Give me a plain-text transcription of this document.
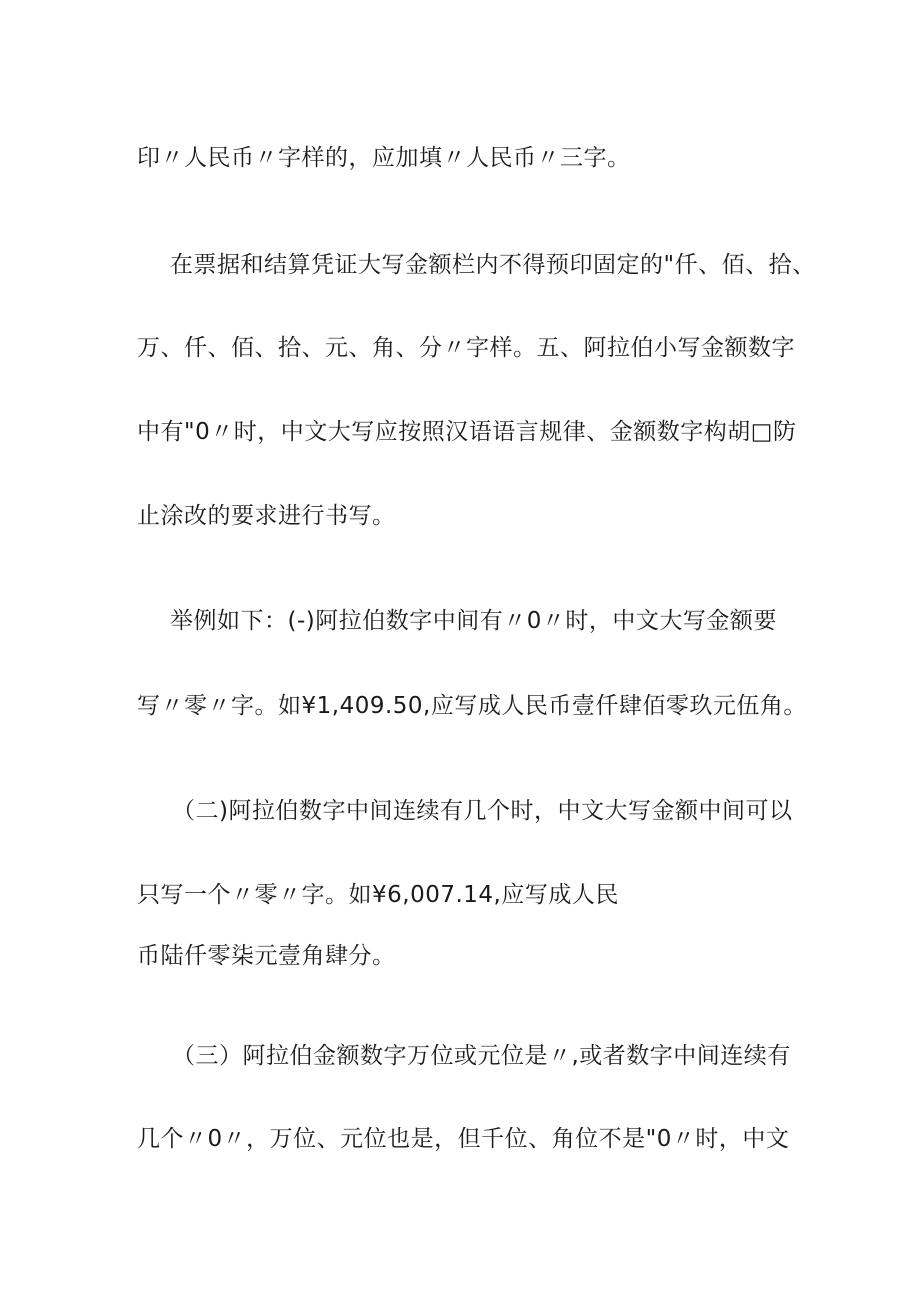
印〃人民币〃字样的，应加填〃人民币〃三字。
在票据和结算凭证大写金额栏内不得预印固定的"仟、佰、拾、
万、仟、佰、拾、元、角、分〃字样。五、阿拉伯小写金额数字
中有"0〃时，中文大写应按照汉语语言规律、金额数字构胡□防
止涂改的要求进行书写。
举例如下：(-)阿拉伯数字中间有〃0〃时，中文大写金额要
写〃零〃字。如¥1,409.50,应写成人民币壹仟肆佰零玖元伍角。
（二)阿拉伯数字中间连续有几个时，中文大写金额中间可以
只写一个〃零〃字。如¥6,007.14,应写成人民
币陆仟零柒元壹角肆分。
（三）阿拉伯金额数字万位或元位是〃,或者数字中间连续有
几个〃0〃，万位、元位也是，但千位、角位不是"0〃时，中文
